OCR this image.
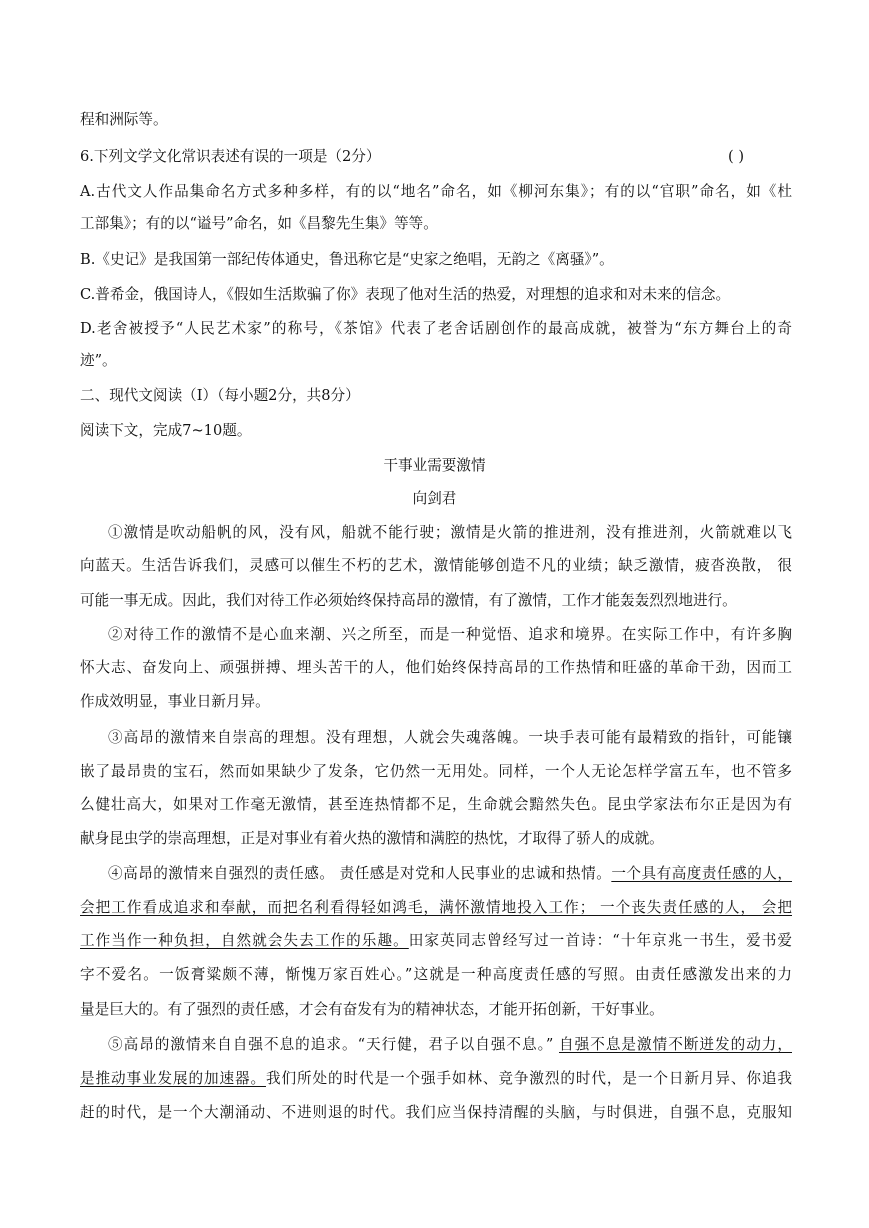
程和洲际等。
6.下列文学文化常识表述有误的一项是（2分）	( )
A.古代文人作品集命名方式多种多样，有的以“地名”命名，如《柳河东集》；有的以“官职”命名，如《杜
工部集》；有的以“谥号”命名，如《昌黎先生集》等等。
B.《史记》是我国第一部纪传体通史，鲁迅称它是“史家之绝唱，无韵之《离骚》”。
C.普希金，俄国诗人，《假如生活欺骗了你》表现了他对生活的热爱，对理想的追求和对未来的信念。
D.老舍被授予“人民艺术家”的称号，《茶馆》代表了老舍话剧创作的最高成就，被誉为“东方舞台上的奇
迹”。
二、现代文阅读（Ⅰ）（每小题2分，共8分）
阅读下文，完成7~10题。
干事业需要激情
向剑君
①激情是吹动船帆的风，没有风，船就不能行驶；激情是火箭的推进剂，没有推进剂，火箭就难以飞
向蓝天。生活告诉我们，灵感可以催生不朽的艺术，激情能够创造不凡的业绩；缺乏激情，疲沓涣散， 很
可能一事无成。因此，我们对待工作必须始终保持高昂的激情，有了激情，工作才能轰轰烈烈地进行。
②对待工作的激情不是心血来潮、兴之所至，而是一种觉悟、追求和境界。在实际工作中，有许多胸
怀大志、奋发向上、顽强拼搏、埋头苦干的人，他们始终保持高昂的工作热情和旺盛的革命干劲，因而工
作成效明显，事业日新月异。
③高昂的激情来自崇高的理想。没有理想，人就会失魂落魄。一块手表可能有最精致的指针，可能镶
嵌了最昂贵的宝石，然而如果缺少了发条，它仍然一无用处。同样，一个人无论怎样学富五车，也不管多
么健壮高大，如果对工作毫无激情，甚至连热情都不足，生命就会黯然失色。昆虫学家法布尔正是因为有
献身昆虫学的崇高理想，正是对事业有着火热的激情和满腔的热忱，才取得了骄人的成就。
④高昂的激情来自强烈的责任感。 责任感是对党和人民事业的忠诚和热情。一个具有高度责任感的人，
会把工作看成追求和奉献，而把名利看得轻如鸿毛，满怀激情地投入工作； 一个丧失责任感的人， 会把
工作当作一种负担，自然就会失去工作的乐趣。田家英同志曾经写过一首诗：“十年京兆一书生，爱书爱
字不爱名。一饭膏粱颇不薄，惭愧万家百姓心。”这就是一种高度责任感的写照。由责任感激发出来的力
量是巨大的。有了强烈的责任感，才会有奋发有为的精神状态，才能开拓创新，干好事业。
⑤高昂的激情来自自强不息的追求。“天行健，君子以自强不息。” 自强不息是激情不断迸发的动力，
是推动事业发展的加速器。我们所处的时代是一个强手如林、竞争激烈的时代，是一个日新月异、你追我
赶的时代，是一个大潮涌动、不进则退的时代。我们应当保持清醒的头脑，与时俱进，自强不息，克服知
